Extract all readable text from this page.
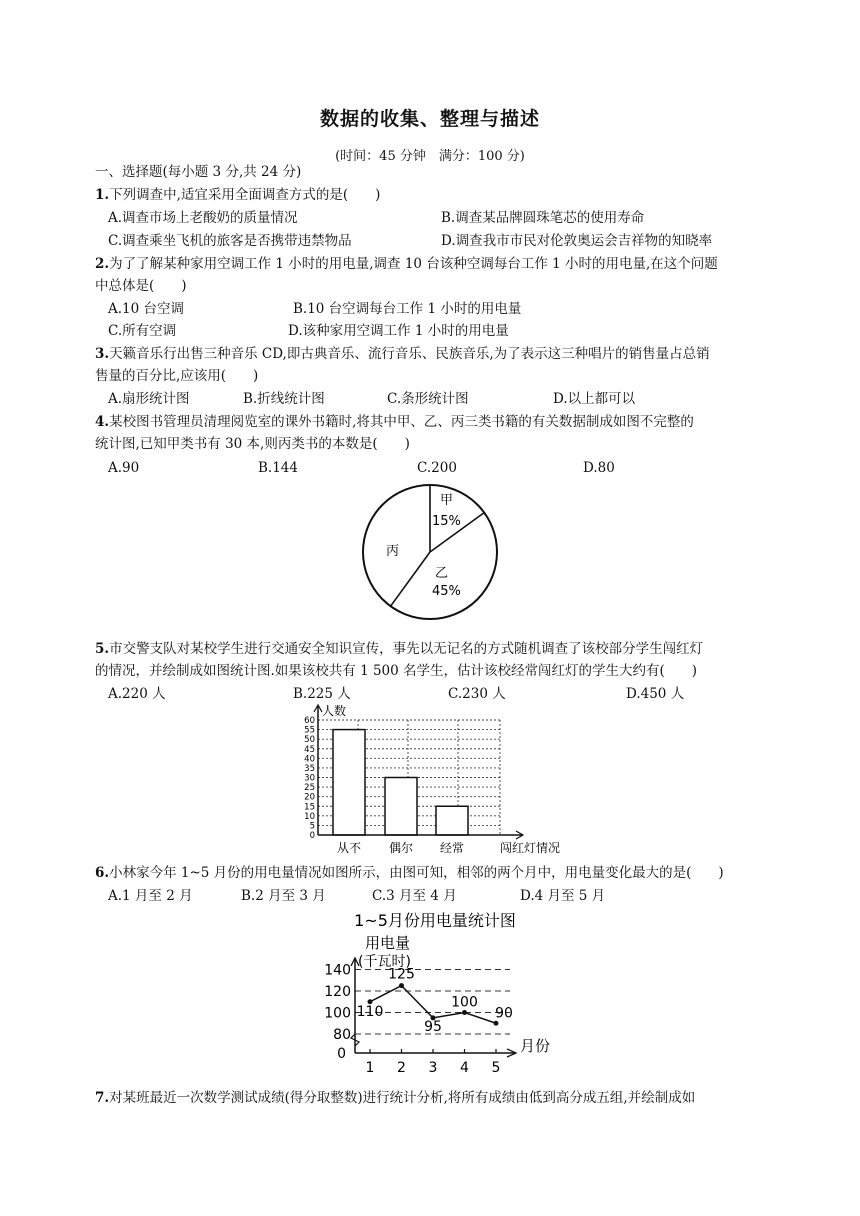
数据的收集、整理与描述
(时间：45 分钟　满分：100 分)
一、选择题(每小题 3 分,共 24 分)
1.下列调查中,适宜采用全面调查方式的是(　　)
A.调查市场上老酸奶的质量情况	B.调查某品牌圆珠笔芯的使用寿命
C.调查乘坐飞机的旅客是否携带违禁物品	D.调查我市市民对伦敦奥运会吉祥物的知晓率
2.为了了解某种家用空调工作 1 小时的用电量,调查 10 台该种空调每台工作 1 小时的用电量,在这个问题
中总体是(　　)
A.10 台空调	B.10 台空调每台工作 1 小时的用电量
C.所有空调	D.该种家用空调工作 1 小时的用电量
3.天籁音乐行出售三种音乐 CD,即古典音乐、流行音乐、民族音乐,为了表示这三种唱片的销售量占总销
售量的百分比,应该用(　　)
A.扇形统计图	B.折线统计图	C.条形统计图	D.以上都可以
4.某校图书管理员清理阅览室的课外书籍时,将其中甲、乙、丙三类书籍的有关数据制成如图不完整的
统计图,已知甲类书有 30 本,则丙类书的本数是(　　)
A.90	B.144	C.200	D.80
甲
15%
乙
45%
丙
5.市交警支队对某校学生进行交通安全知识宣传，事先以无记名的方式随机调查了该校部分学生闯红灯
的情况，并绘制成如图统计图.如果该校共有 1 500 名学生，估计该校经常闯红灯的学生大约有(　　)
A.220 人	B.225 人	C.230 人	D.450 人
0
5
10
15
20
25
30
35
40
45
50
55
60
人数
闯红灯情况
从不 偶尔 经常
6.小林家今年 1~5 月份的用电量情况如图所示，由图可知，相邻的两个月中，用电量变化最大的是(　　)
A.1 月至 2 月	B.2 月至 3 月	C.3 月至 4 月	D.4 月至 5 月
1~5月份用电量统计图
用电量
(千瓦时)
月份
0
80
100
120
140
1 2 3 4 5
110
125
95
100
90
7.对某班最近一次数学测试成绩(得分取整数)进行统计分析,将所有成绩由低到高分成五组,并绘制成如
